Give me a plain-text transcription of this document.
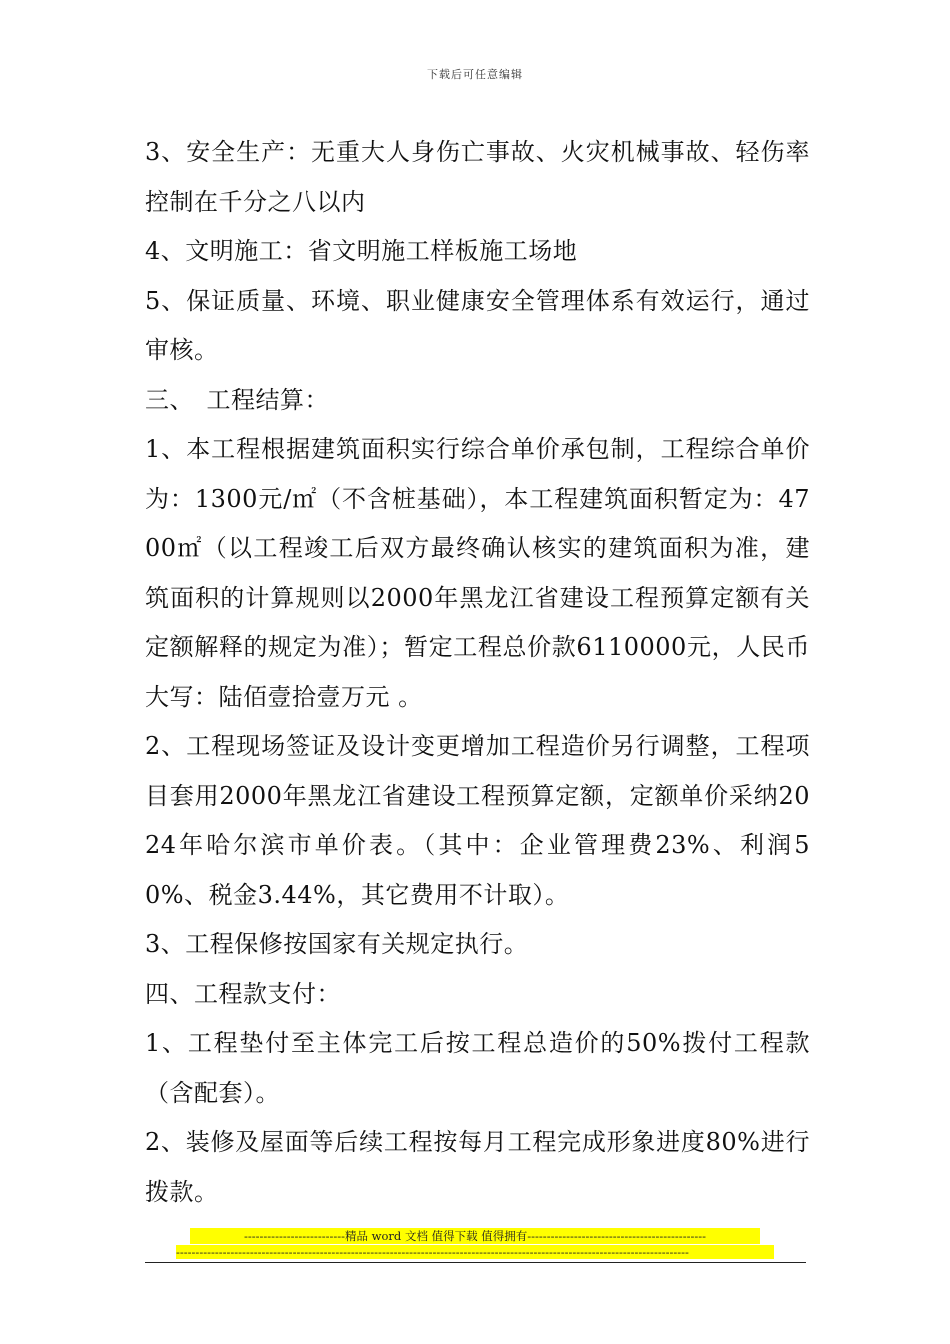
下载后可任意编辑

3、安全生产：无重大人身伤亡事故、火灾机械事故、轻伤率控制在千分之八以内

4、文明施工：省文明施工样板施工场地

5、保证质量、环境、职业健康安全管理体系有效运行，通过审核。

三、　工程结算：

1、本工程根据建筑面积实行综合单价承包制，工程综合单价为：1300元/㎡（不含桩基础），本工程建筑面积暂定为：4700㎡（以工程竣工后双方最终确认核实的建筑面积为准，建筑面积的计算规则以2000年黑龙江省建设工程预算定额有关定额解释的规定为准）；暂定工程总价款6110000元，人民币大写：陆佰壹拾壹万元 。

2、工程现场签证及设计变更增加工程造价另行调整，工程项目套用2000年黑龙江省建设工程预算定额，定额单价采纳2024年哈尔滨市单价表。（其中：企业管理费23%、利润50%、税金3.44%，其它费用不计取）。

3、工程保修按国家有关规定执行。

四、工程款支付：

1、工程垫付至主体完工后按工程总造价的50%拨付工程款（含配套）。

2、装修及屋面等后续工程按每月工程完成形象进度80%进行拨款。

--------------------------精品 word 文档 值得下载 值得拥有----------------------------------------------
------------------------------------------------------------------------------------------------------------------------------------
